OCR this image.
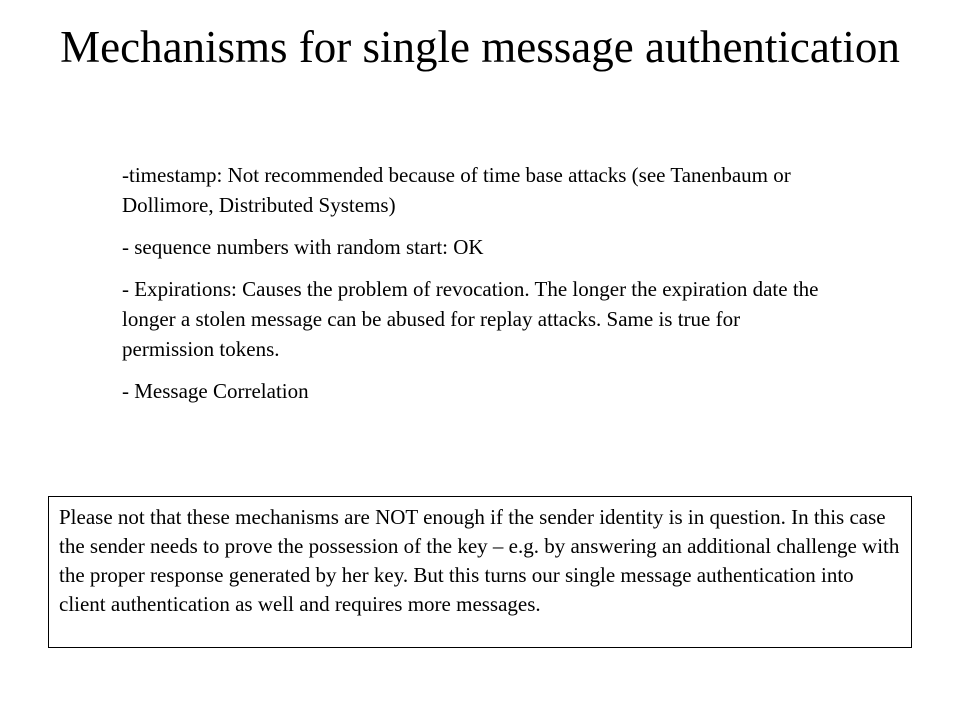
Mechanisms for single message authentication
-timestamp: Not recommended because of time base attacks (see Tanenbaum or Dollimore, Distributed Systems)
- sequence numbers with random start: OK
- Expirations: Causes the problem of revocation. The longer the expiration date the longer a stolen message can be abused for replay attacks. Same is true for permission tokens.
- Message Correlation
Please not that these mechanisms are NOT enough if the sender identity is in question. In this case the sender needs to prove the possession of the key – e.g. by answering an additional challenge with the proper response generated by her key. But this turns our single message authentication into client authentication as well and requires more messages.
